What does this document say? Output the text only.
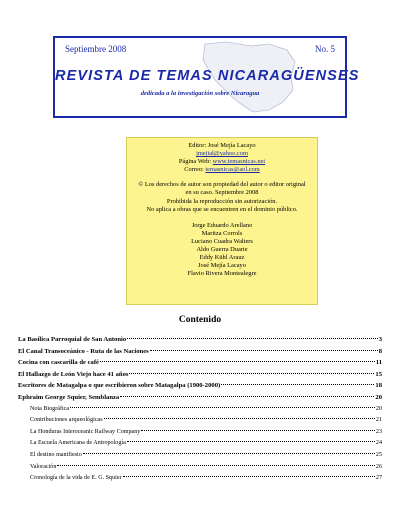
Septiembre 2008	No. 5
REVISTA DE TEMAS NICARAGÜENSES
dedicada a la investigación sobre Nicaragua
Editor: José Mejía Lacayo
jmejial@yahoo.com
Página Web: www.temasnicas.net
Correo: temasnicas@aol.com
© Los derechos de autor son propiedad del autor o editor original
en su caso. Septiembre 2008
Prohibida la reproducción sin autorización.
No aplica a obras que se encuentren en el dominio público.
Jorge Eduardo Arellano
Maritza Corrols
Luciano Cuadra Walters
Aldo Guerra Duarte
Eddy Kühl Arauz
José Mejía Lacayo
Flavio Rivera Montealegre
Contenido
La Basílica Parroquial de San Antonio	3
El Canal Transoceánico - Ruta de las Naciones	8
Cocina con cascarilla de café	11
El Hallazgo de León Viejo hace 41 años	15
Escritores de Matagalpa o que escribieron sobre Matagalpa (1900-2000)	18
Ephraim George Squier, Semblanza	20
Nota Biográfica	20
Contribuciones arqueológicas	21
La Honduras Interoceanic Railway Company	23
La Escuela Americana de Antropología	24
El destino manifiesto	25
Valoración	26
Cronología de la vida de E. G. Squier	27
